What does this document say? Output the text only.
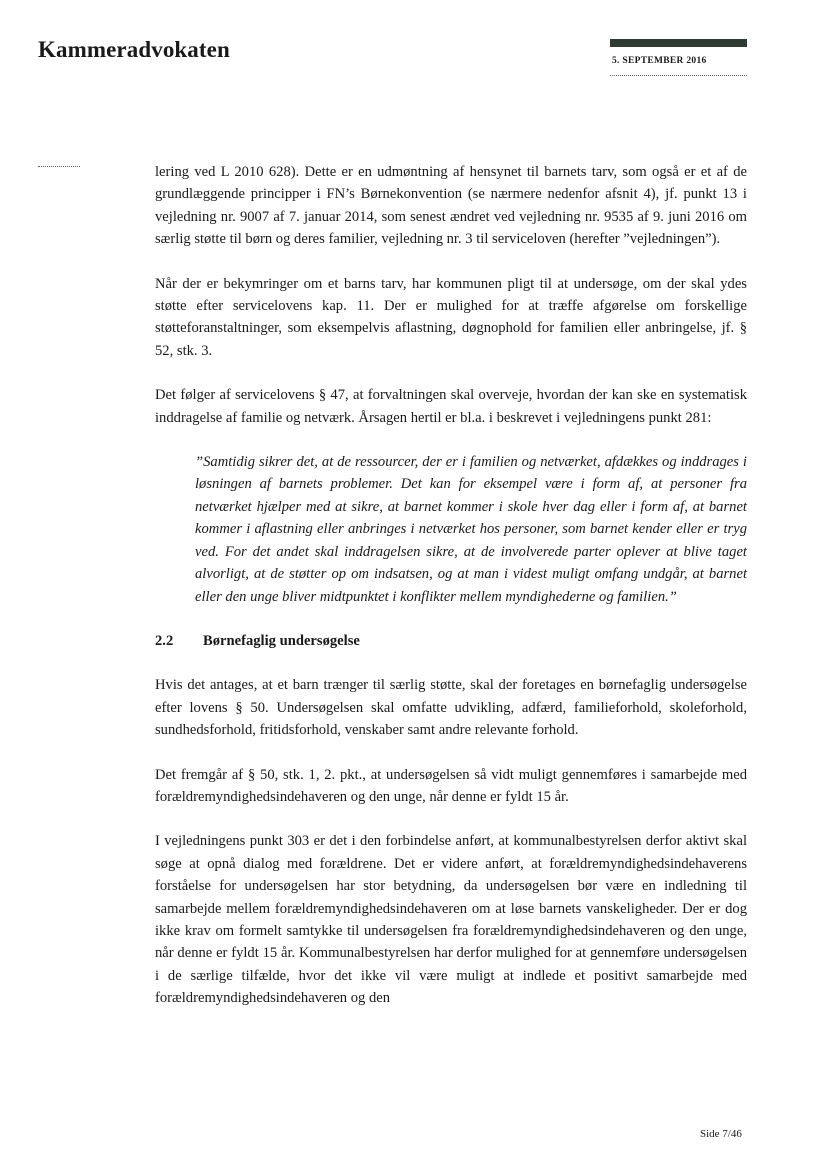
Kammeradvokaten	5. SEPTEMBER 2016

lering ved L 2010 628). Dette er en udmøntning af hensynet til barnets tarv, som også er et af de grundlæggende principper i FN’s Børnekonvention (se nærmere nedenfor afsnit 4), jf. punkt 13 i vejledning nr. 9007 af 7. januar 2014, som senest ændret ved vejledning nr. 9535 af 9. juni 2016 om særlig støtte til børn og deres familier, vejledning nr. 3 til serviceloven (herefter ”vejledningen”).

Når der er bekymringer om et barns tarv, har kommunen pligt til at undersøge, om der skal ydes støtte efter servicelovens kap. 11. Der er mulighed for at træffe afgørelse om forskellige støtteforanstaltninger, som eksempelvis aflastning, døgnophold for familien eller anbringelse, jf. § 52, stk. 3.

Det følger af servicelovens § 47, at forvaltningen skal overveje, hvordan der kan ske en systematisk inddragelse af familie og netværk. Årsagen hertil er bl.a. i beskrevet i vejledningens punkt 281:

”Samtidig sikrer det, at de ressourcer, der er i familien og netværket, afdækkes og inddrages i løsningen af barnets problemer. Det kan for eksempel være i form af, at personer fra netværket hjælper med at sikre, at barnet kommer i skole hver dag eller i form af, at barnet kommer i aflastning eller anbringes i netværket hos personer, som barnet kender eller er tryg ved. For det andet skal inddragelsen sikre, at de involverede parter oplever at blive taget alvorligt, at de støtter op om indsatsen, og at man i videst muligt omfang undgår, at barnet eller den unge bliver midtpunktet i konflikter mellem myndighederne og familien.”

2.2	Børnefaglig undersøgelse

Hvis det antages, at et barn trænger til særlig støtte, skal der foretages en børnefaglig undersøgelse efter lovens § 50. Undersøgelsen skal omfatte udvikling, adfærd, familieforhold, skoleforhold, sundhedsforhold, fritidsforhold, venskaber samt andre relevante forhold.

Det fremgår af § 50, stk. 1, 2. pkt., at undersøgelsen så vidt muligt gennemføres i samarbejde med forældremyndighedsindehaveren og den unge, når denne er fyldt 15 år.

I vejledningens punkt 303 er det i den forbindelse anført, at kommunalbestyrelsen derfor aktivt skal søge at opnå dialog med forældrene. Det er videre anført, at forældremyndighedsindehaverens forståelse for undersøgelsen har stor betydning, da undersøgelsen bør være en indledning til samarbejde mellem forældremyndighedsindehaveren om at løse barnets vanskeligheder. Der er dog ikke krav om formelt samtykke til undersøgelsen fra forældremyndighedsindehaveren og den unge, når denne er fyldt 15 år. Kommunalbestyrelsen har derfor mulighed for at gennemføre undersøgelsen i de særlige tilfælde, hvor det ikke vil være muligt at indlede et positivt samarbejde med forældremyndighedsindehaveren og den

Side 7/46
